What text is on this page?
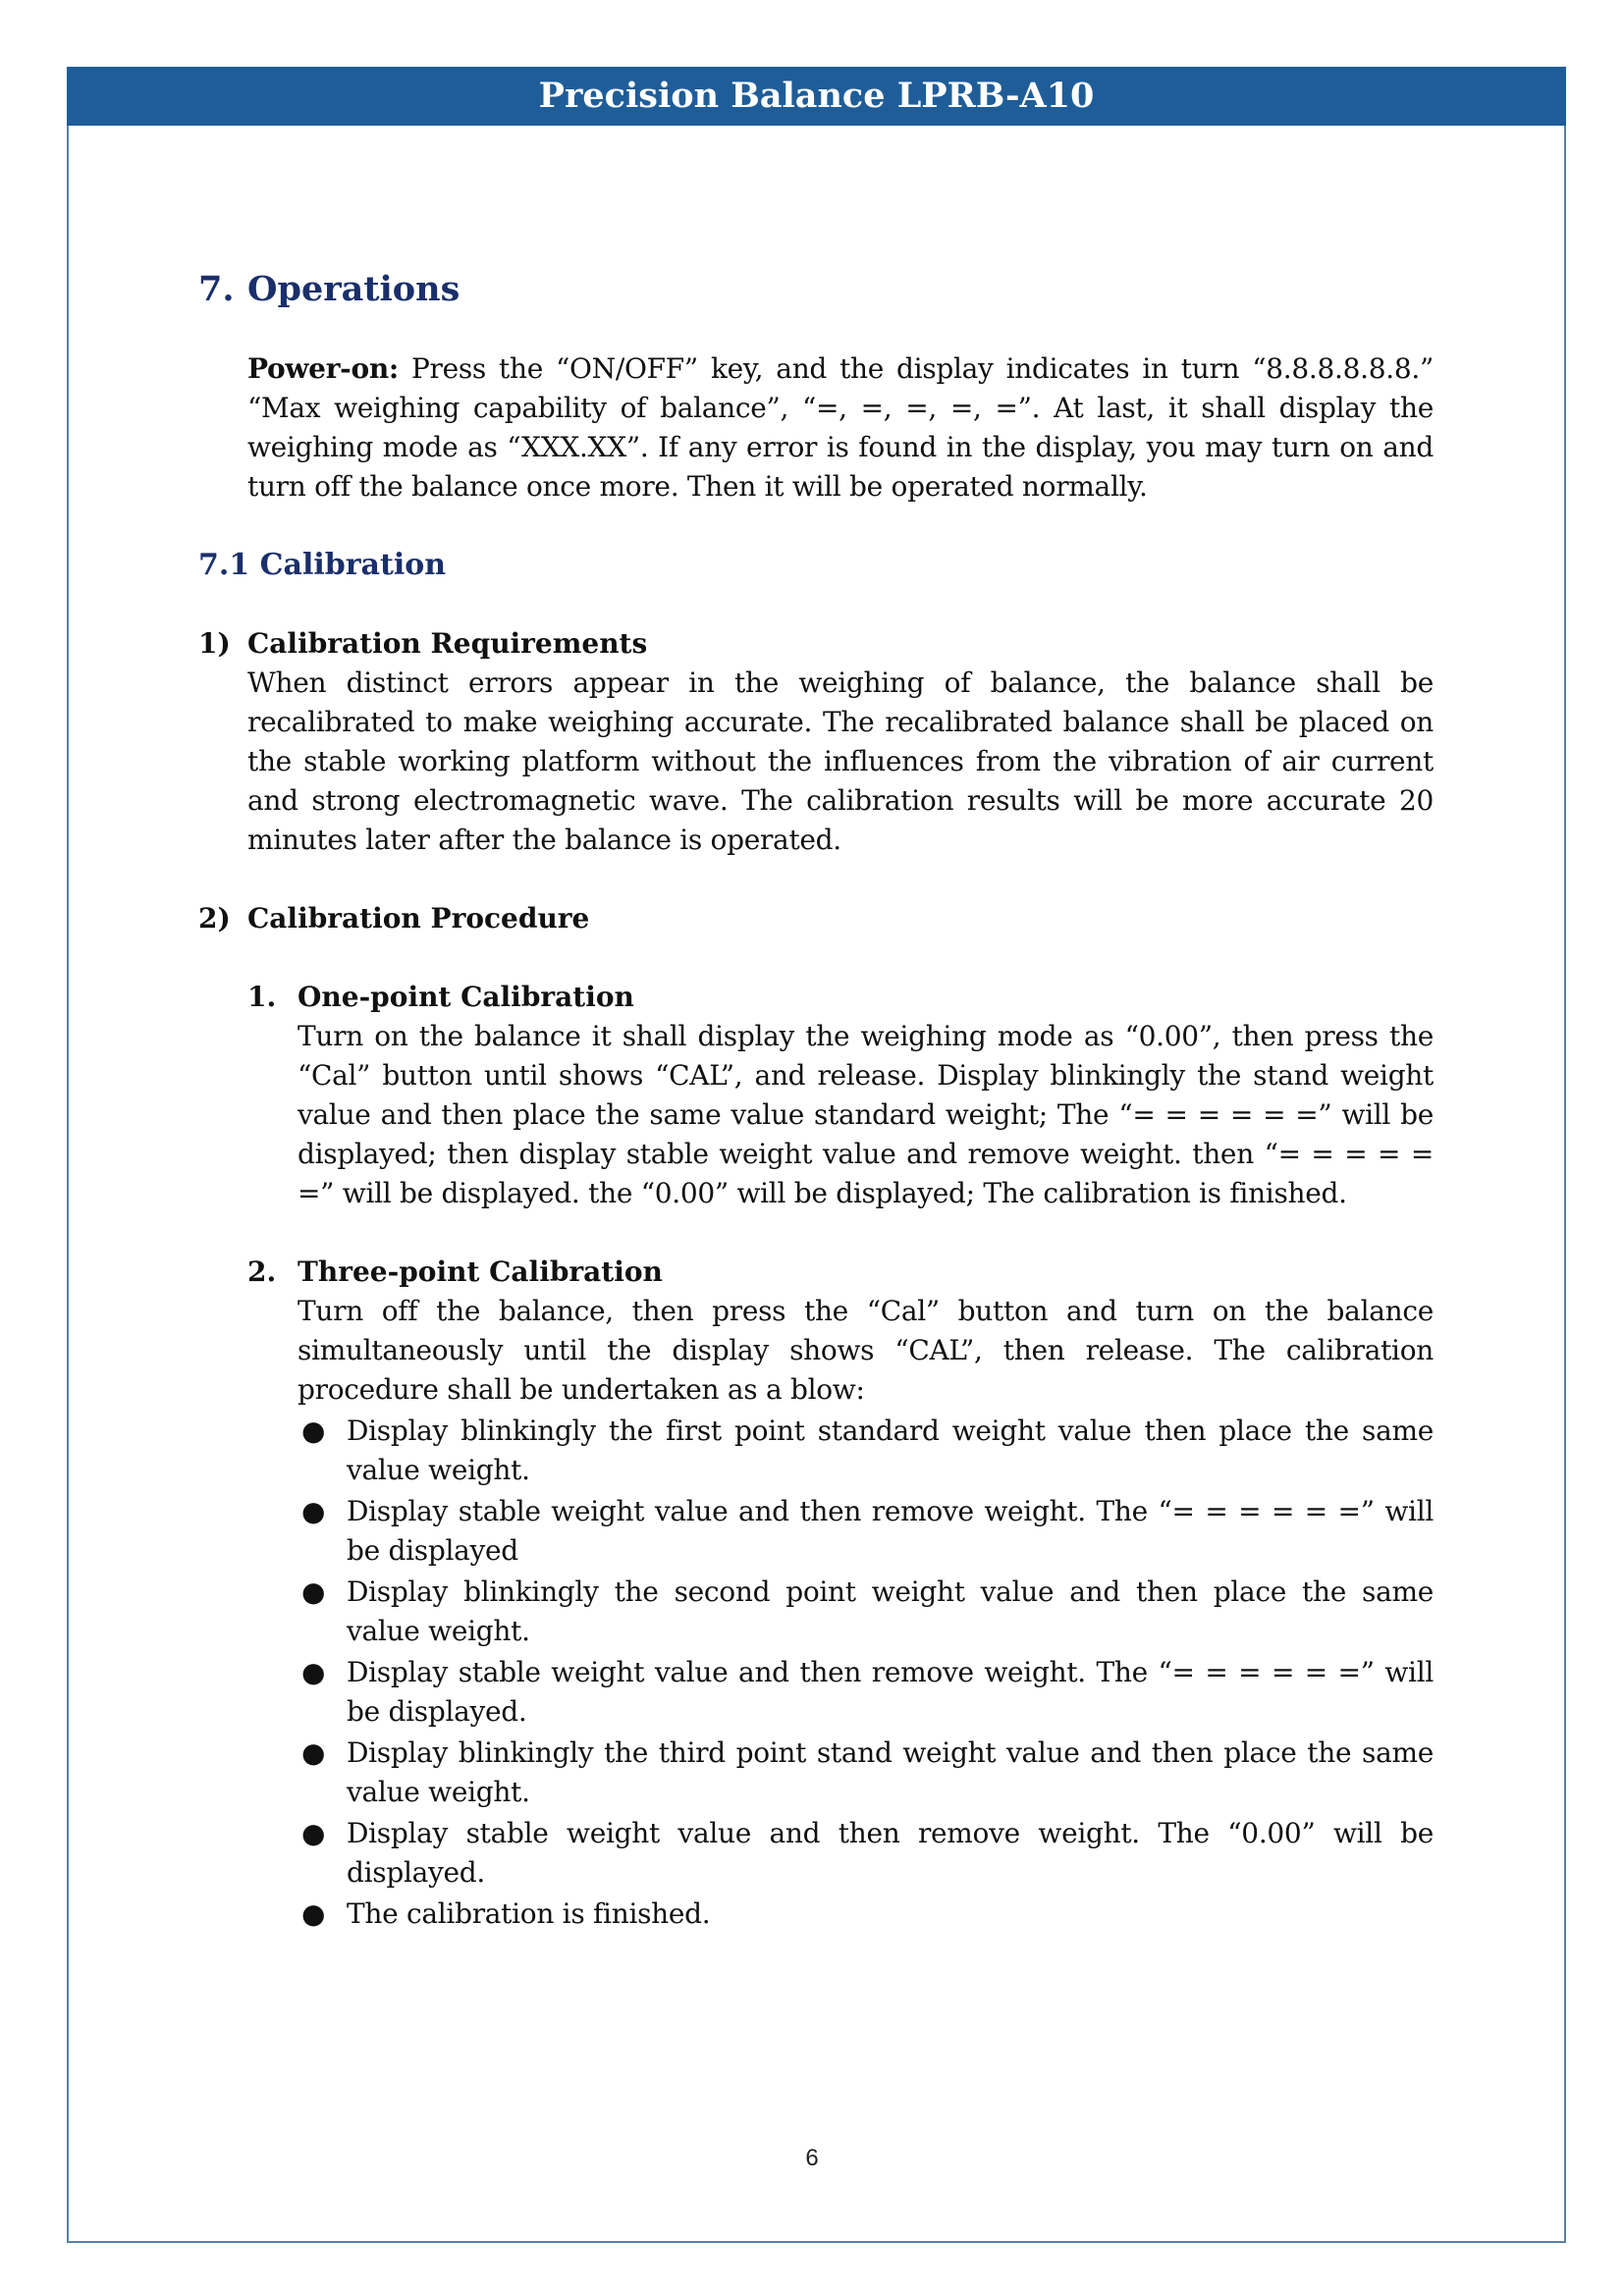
Precision Balance LPRB-A10
7. Operations

Power-on: Press the “ON/OFF” key, and the display indicates in turn “8.8.8.8.8.8.” “Max weighing capability of balance”, “=, =, =, =, =”. At last, it shall display the weighing mode as “XXX.XX”. If any error is found in the display, you may turn on and turn off the balance once more. Then it will be operated normally.

7.1 Calibration
1) Calibration Requirements

When distinct errors appear in the weighing of balance, the balance shall be recalibrated to make weighing accurate. The recalibrated balance shall be placed on the stable working platform without the influences from the vibration of air current and strong electromagnetic wave. The calibration results will be more accurate 20 minutes later after the balance is operated.

2) Calibration Procedure
1. One-point Calibration

Turn on the balance it shall display the weighing mode as “0.00”, then press the “Cal” button until shows “CAL”, and release. Display blinkingly the stand weight value and then place the same value standard weight; The “= = = = = =” will be displayed; then display stable weight value and remove weight. then “= = = = = =” will be displayed. the “0.00” will be displayed; The calibration is finished.

2. Three-point Calibration

Turn off the balance, then press the “Cal” button and turn on the balance simultaneously until the display shows “CAL”, then release. The calibration procedure shall be undertaken as a blow:

● Display blinkingly the first point standard weight value then place the same value weight.
● Display stable weight value and then remove weight. The “= = = = = =” will be displayed
● Display blinkingly the second point weight value and then place the same value weight.
● Display stable weight value and then remove weight. The “= = = = = =” will be displayed.
● Display blinkingly the third point stand weight value and then place the same value weight.
● Display stable weight value and then remove weight. The “0.00” will be displayed.
● The calibration is finished.
6
